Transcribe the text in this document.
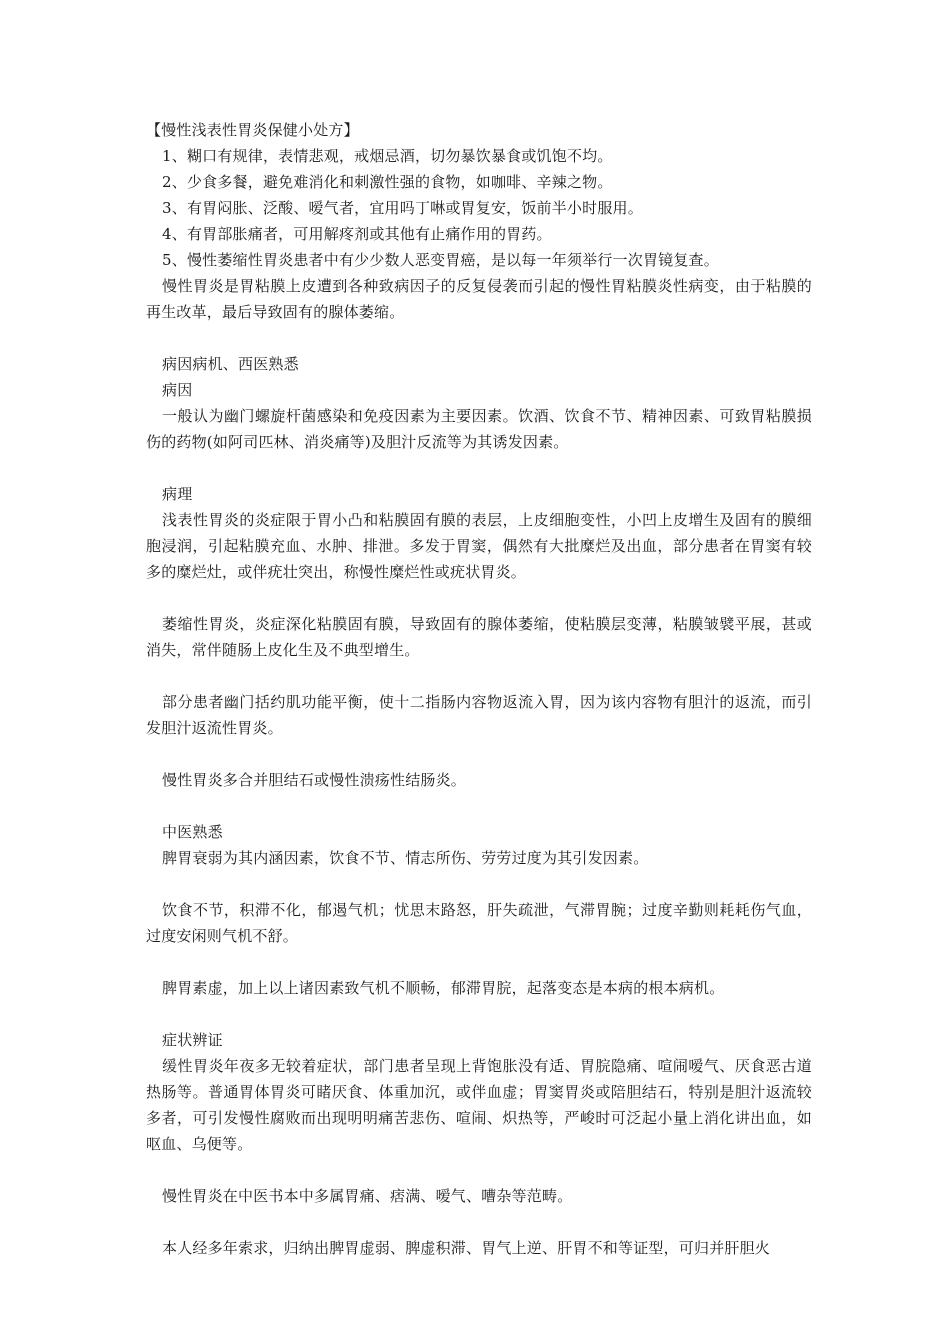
【慢性浅表性胃炎保健小处方】

1、糊口有规律，表情悲观，戒烟忌酒，切勿暴饮暴食或饥饱不均。

2、少食多餐，避免难消化和刺激性强的食物，如咖啡、辛辣之物。

3、有胃闷胀、泛酸、嗳气者，宜用吗丁啉或胃复安，饭前半小时服用。

4、有胃部胀痛者，可用解疼剂或其他有止痛作用的胃药。

5、慢性萎缩性胃炎患者中有少少数人恶变胃癌，是以每一年须举行一次胃镜复查。

慢性胃炎是胃粘膜上皮遭到各种致病因子的反复侵袭而引起的慢性胃粘膜炎性病变，由于粘膜的再生改革，最后导致固有的腺体萎缩。

病因病机、西医熟悉

病因

一般认为幽门螺旋杆菌感染和免疫因素为主要因素。饮酒、饮食不节、精神因素、可致胃粘膜损伤的药物(如阿司匹林、消炎痛等)及胆汁反流等为其诱发因素。

病理

浅表性胃炎的炎症限于胃小凸和粘膜固有膜的表层，上皮细胞变性，小凹上皮增生及固有的膜细胞浸润，引起粘膜充血、水肿、排泄。多发于胃窦，偶然有大批糜烂及出血，部分患者在胃窦有较多的糜烂灶，或伴疣壮突出，称慢性糜烂性或疣状胃炎。

萎缩性胃炎，炎症深化粘膜固有膜，导致固有的腺体萎缩，使粘膜层变薄，粘膜皱襞平展，甚或消失，常伴随肠上皮化生及不典型增生。

部分患者幽门括约肌功能平衡，使十二指肠内容物返流入胃，因为该内容物有胆汁的返流，而引发胆汁返流性胃炎。

慢性胃炎多合并胆结石或慢性溃疡性结肠炎。

中医熟悉

脾胃衰弱为其内涵因素，饮食不节、情志所伤、劳劳过度为其引发因素。

饮食不节，积滞不化，郁遏气机；忧思末路怒，肝失疏泄，气滞胃腕；过度辛勤则耗耗伤气血，过度安闲则气机不舒。

脾胃素虚，加上以上诸因素致气机不顺畅，郁滞胃脘，起落变态是本病的根本病机。

症状辨证

缓性胃炎年夜多无较着症状，部门患者呈现上背饱胀没有适、胃脘隐痛、喧闹嗳气、厌食恶古道热肠等。普通胃体胃炎可睹厌食、体重加沉，或伴血虚；胃窦胃炎或陪胆结石，特别是胆汁返流较多者，可引发慢性腐败而出现明明痛苦悲伤、喧闹、炽热等，严峻时可泛起小量上消化讲出血，如呕血、乌便等。

慢性胃炎在中医书本中多属胃痛、痞满、嗳气、嘈杂等范畴。

本人经多年索求，归纳出脾胃虚弱、脾虚积滞、胃气上逆、肝胃不和等证型，可归并肝胆火
